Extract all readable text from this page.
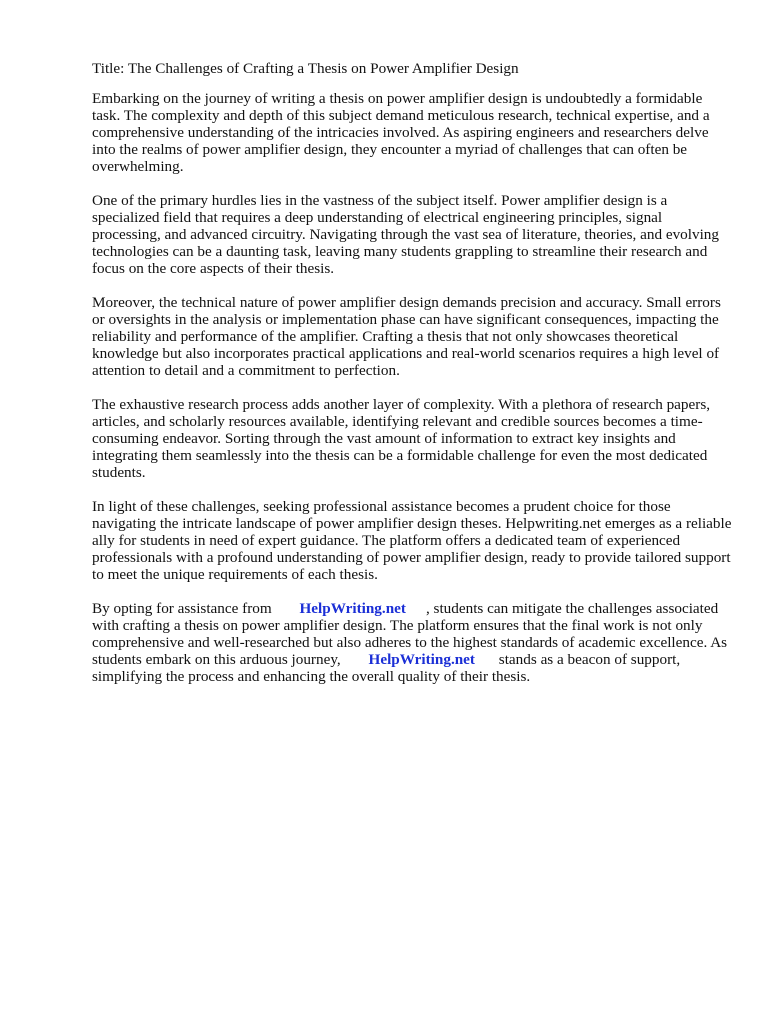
Title: The Challenges of Crafting a Thesis on Power Amplifier Design

Embarking on the journey of writing a thesis on power amplifier design is undoubtedly a formidable task. The complexity and depth of this subject demand meticulous research, technical expertise, and a comprehensive understanding of the intricacies involved. As aspiring engineers and researchers delve into the realms of power amplifier design, they encounter a myriad of challenges that can often be overwhelming.

One of the primary hurdles lies in the vastness of the subject itself. Power amplifier design is a specialized field that requires a deep understanding of electrical engineering principles, signal processing, and advanced circuitry. Navigating through the vast sea of literature, theories, and evolving technologies can be a daunting task, leaving many students grappling to streamline their research and focus on the core aspects of their thesis.

Moreover, the technical nature of power amplifier design demands precision and accuracy. Small errors or oversights in the analysis or implementation phase can have significant consequences, impacting the reliability and performance of the amplifier. Crafting a thesis that not only showcases theoretical knowledge but also incorporates practical applications and real-world scenarios requires a high level of attention to detail and a commitment to perfection.

The exhaustive research process adds another layer of complexity. With a plethora of research papers, articles, and scholarly resources available, identifying relevant and credible sources becomes a time-consuming endeavor. Sorting through the vast amount of information to extract key insights and integrating them seamlessly into the thesis can be a formidable challenge for even the most dedicated students.

In light of these challenges, seeking professional assistance becomes a prudent choice for those navigating the intricate landscape of power amplifier design theses. Helpwriting.net emerges as a reliable ally for students in need of expert guidance. The platform offers a dedicated team of experienced professionals with a profound understanding of power amplifier design, ready to provide tailored support to meet the unique requirements of each thesis.

By opting for assistance from HelpWriting.net , students can mitigate the challenges associated with crafting a thesis on power amplifier design. The platform ensures that the final work is not only comprehensive and well-researched but also adheres to the highest standards of academic excellence. As students embark on this arduous journey, HelpWriting.net stands as a beacon of support, simplifying the process and enhancing the overall quality of their thesis.
